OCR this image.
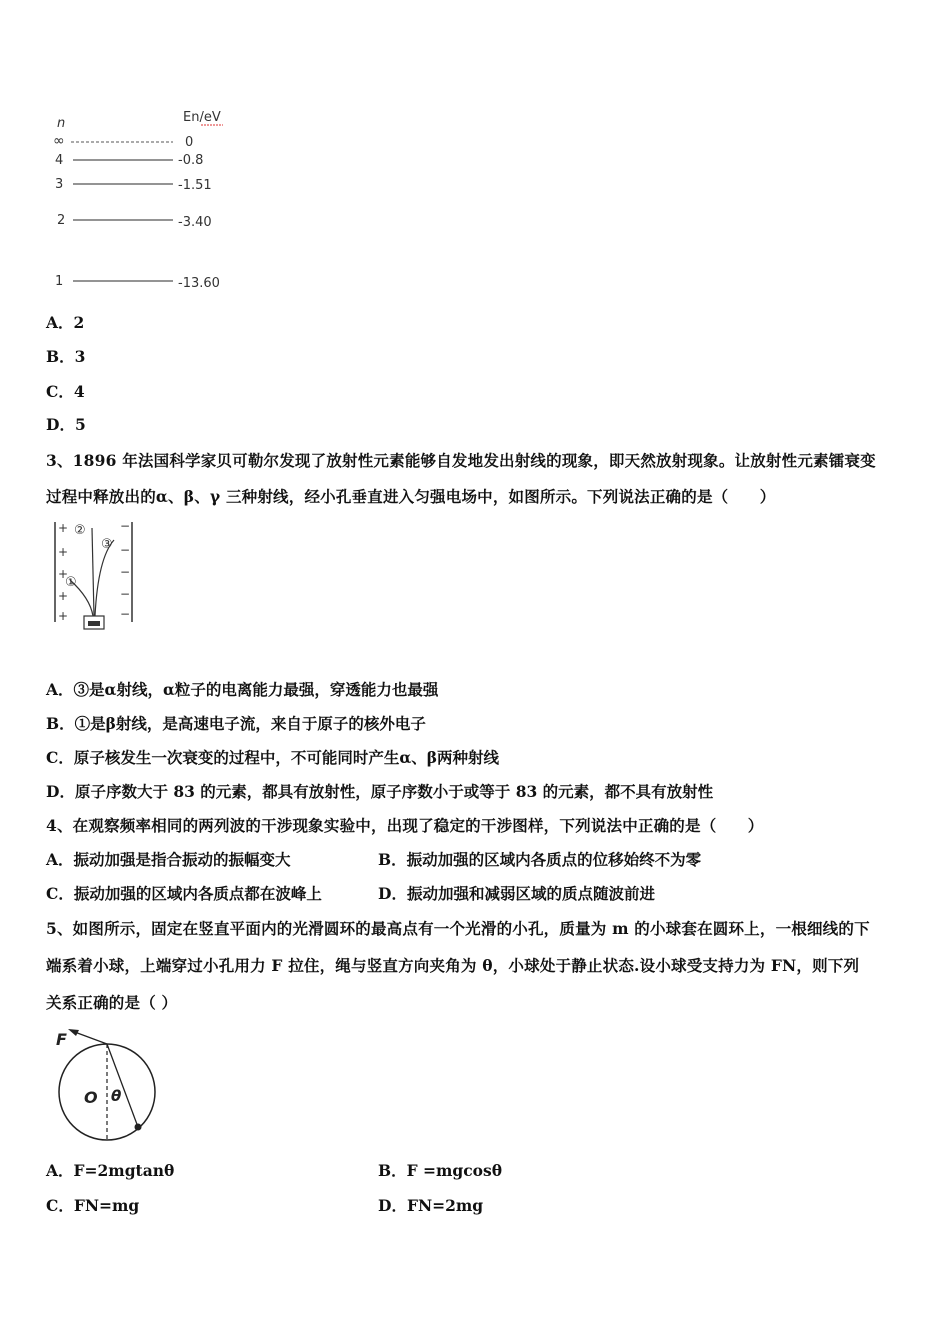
n	En/eV
∞	0
4	-0.8
3	-1.51
2	-3.40
1	-13.60
A．2
B．3
C．4
D．5
3、1896 年法国科学家贝可勒尔发现了放射性元素能够自发地发出射线的现象，即天然放射现象。让放射性元素镭衰变
过程中释放出的α、β、γ 三种射线，经小孔垂直进入匀强电场中，如图所示。下列说法正确的是（　　）
+
+
+
+
+
−
−
−
−
−
①
②
③
A．③是α射线，α粒子的电离能力最强，穿透能力也最强
B．①是β射线，是高速电子流，来自于原子的核外电子
C．原子核发生一次衰变的过程中，不可能同时产生α、β两种射线
D．原子序数大于 83 的元素，都具有放射性，原子序数小于或等于 83 的元素，都不具有放射性
4、在观察频率相同的两列波的干涉现象实验中，出现了稳定的干涉图样，下列说法中正确的是（　　）
A．振动加强是指合振动的振幅变大	B．振动加强的区域内各质点的位移始终不为零
C．振动加强的区域内各质点都在波峰上	D．振动加强和减弱区域的质点随波前进
5、如图所示，固定在竖直平面内的光滑圆环的最高点有一个光滑的小孔，质量为 m 的小球套在圆环上，一根细线的下
端系着小球，上端穿过小孔用力 F 拉住，绳与竖直方向夹角为 θ，小球处于静止状态.设小球受支持力为 FN，则下列
关系正确的是（ ）
F
O θ
A．F=2mgtanθ	B．F =mgcosθ
C．FN=mg	D．FN=2mg
